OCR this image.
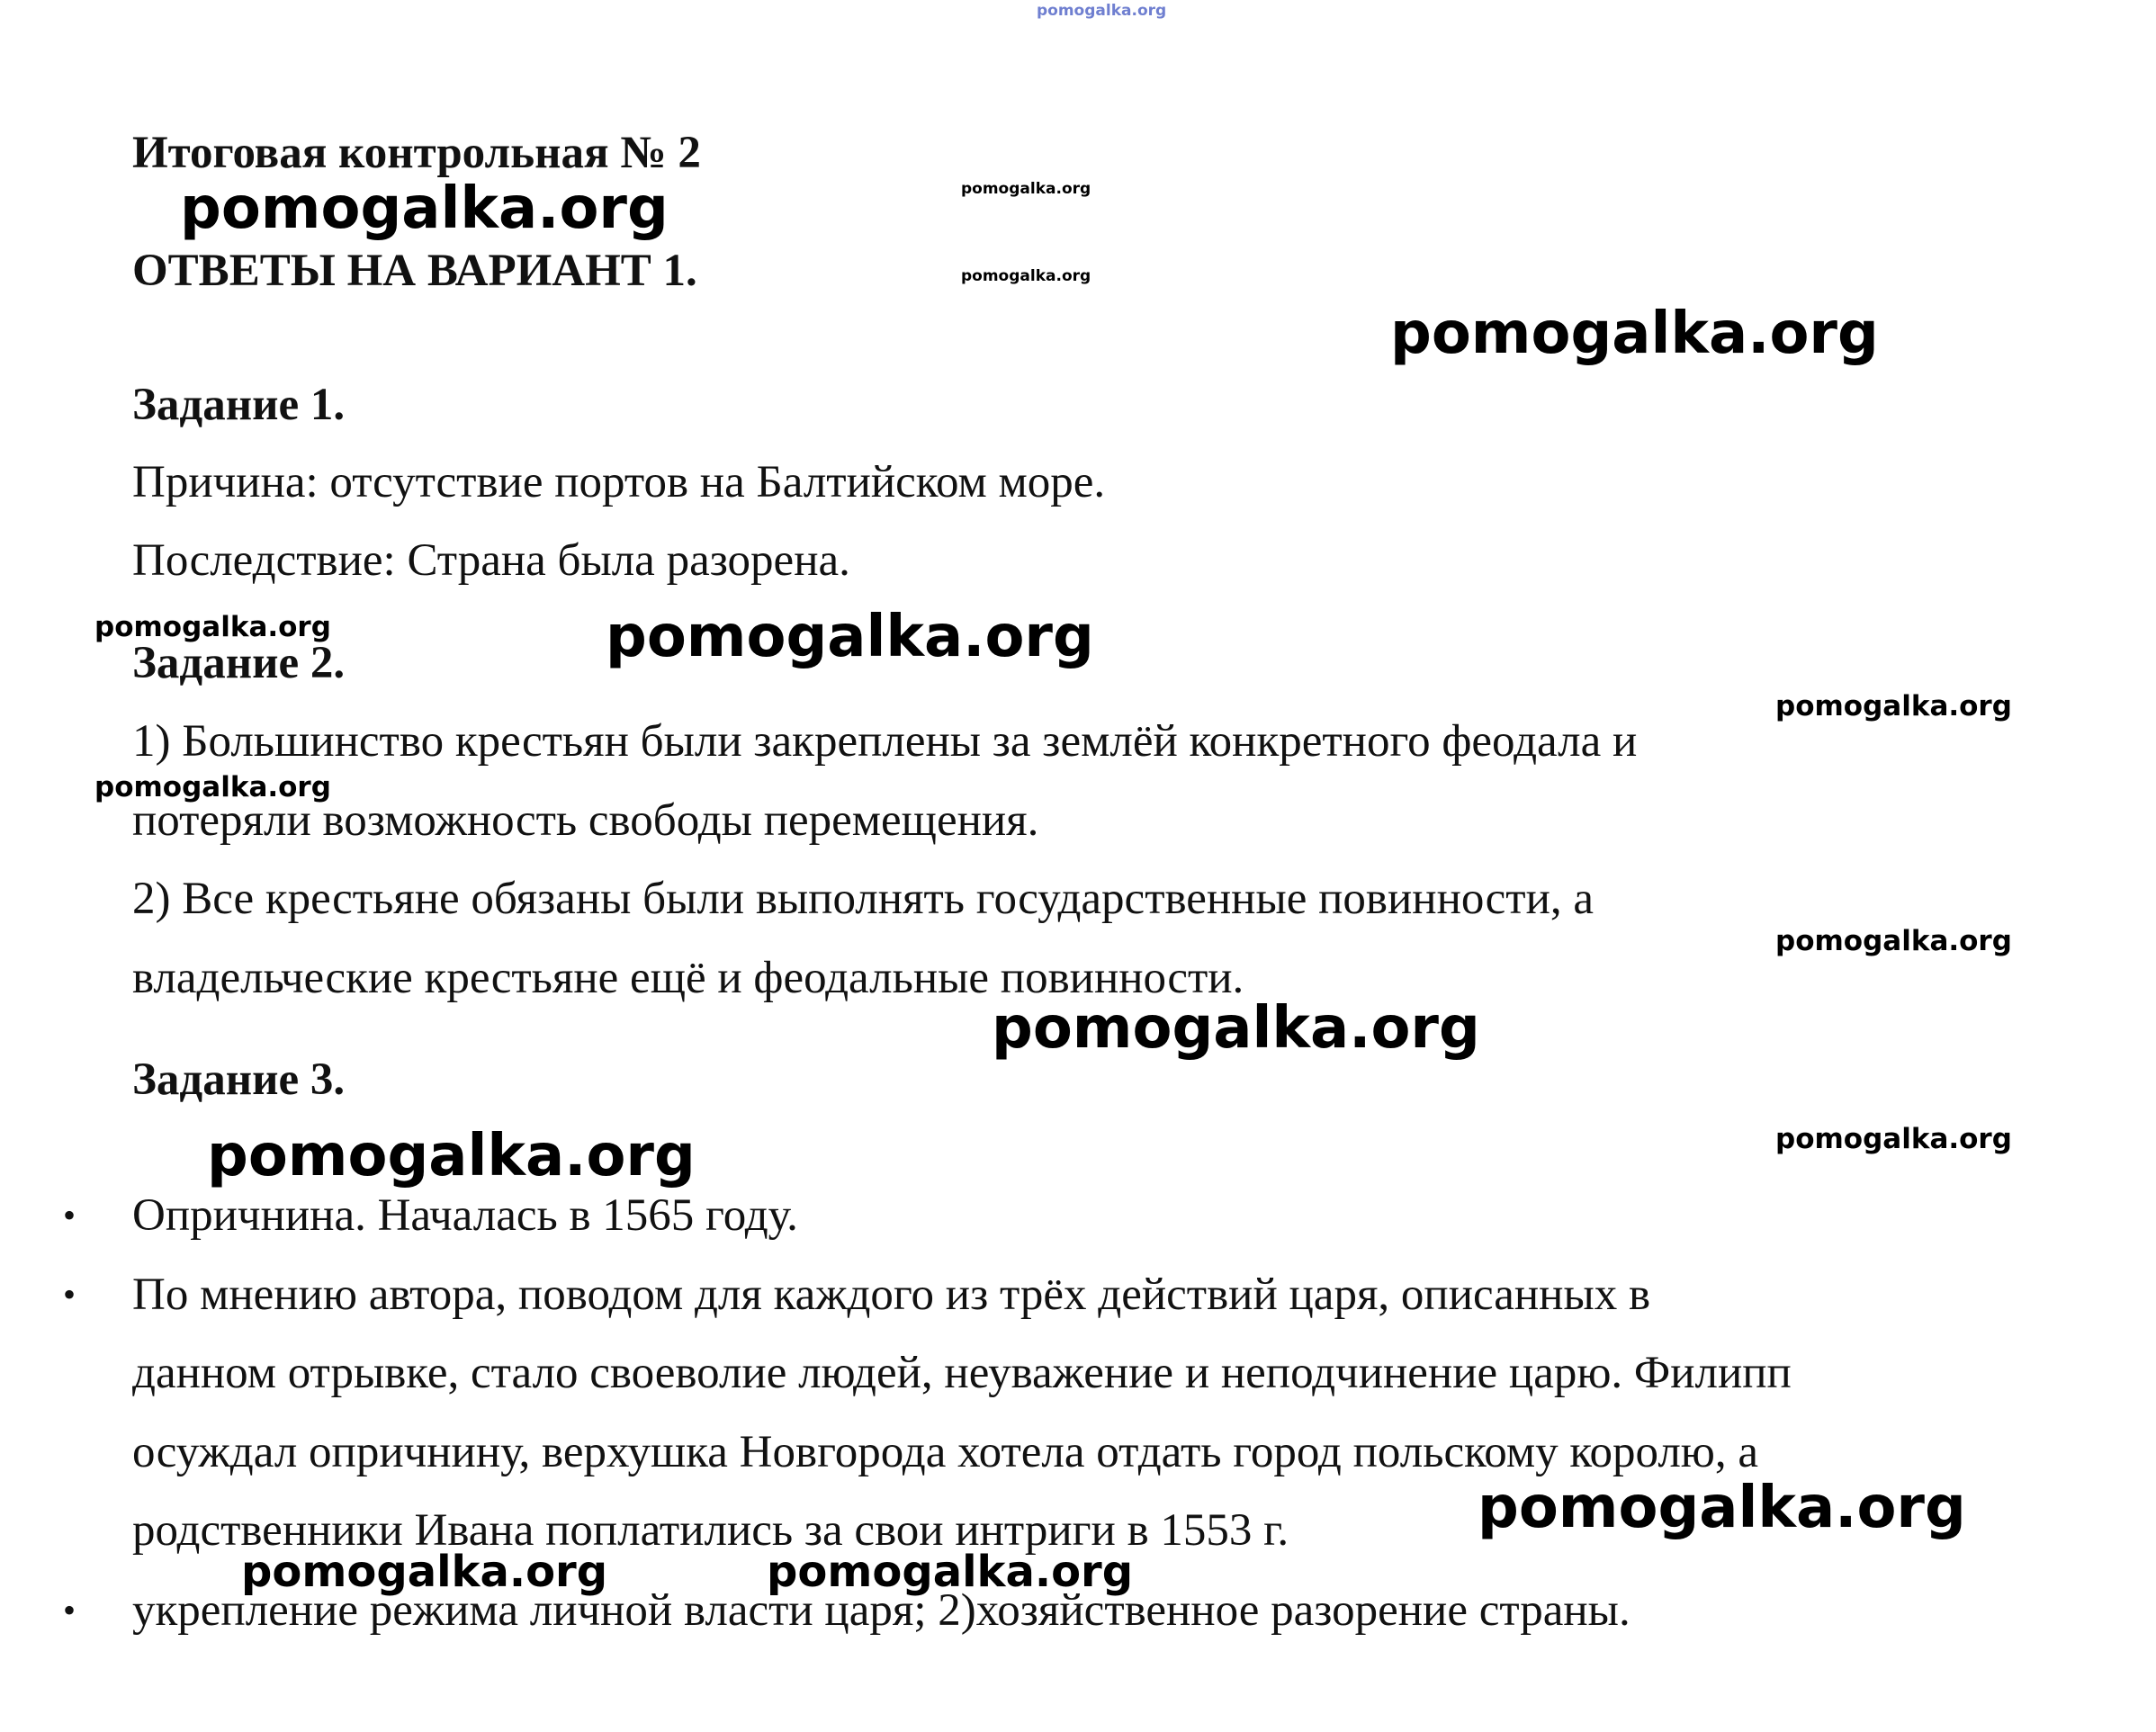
pomogalka.org
pomogalka.org
pomogalka.org
pomogalka.org
pomogalka.org
pomogalka.org	pomogalka.org
pomogalka.org
pomogalka.org
pomogalka.org
pomogalka.org
pomogalka.org
pomogalka.org
pomogalka.org
pomogalka.org	pomogalka.org
Итоговая контрольная № 2
ОТВЕТЫ НА ВАРИАНТ 1.
Задание 1.
Причина: отсутствие портов на Балтийском море.
Последствие: Страна была разорена.
Задание 2.
1) Большинство крестьян были закреплены за землёй конкретного феодала и
потеряли возможность свободы перемещения.
2) Все крестьяне обязаны были выполнять государственные повинности, а
владельческие крестьяне ещё и феодальные повинности.
Задание 3.
• Опричнина. Началась в 1565 году.
• По мнению автора, поводом для каждого из трёх действий царя, описанных в
данном отрывке, стало своеволие людей, неуважение и неподчинение царю. Филипп
осуждал опричнину, верхушка Новгорода хотела отдать город польскому королю, а
родственники Ивана поплатились за свои интриги в 1553 г.
• укрепление режима личной власти царя; 2)хозяйственное разорение страны.
